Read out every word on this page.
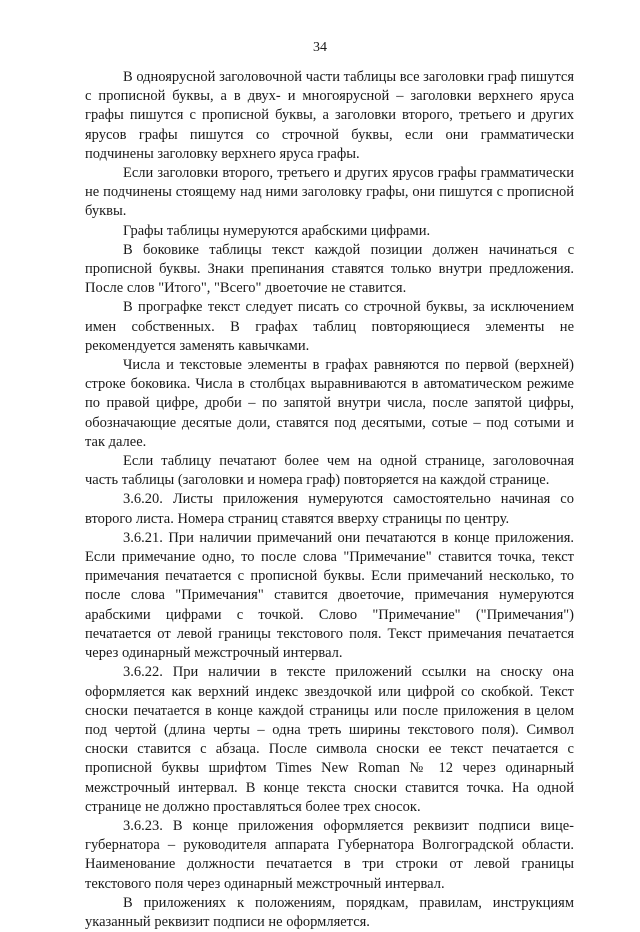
34

В одноярусной заголовочной части таблицы все заголовки граф пишутся с прописной буквы, а в двух- и многоярусной – заголовки верхнего яруса графы пишутся с прописной буквы, а заголовки второго, третьего и других ярусов графы пишутся со строчной буквы, если они грамматически подчинены заголовку верхнего яруса графы.

Если заголовки второго, третьего и других ярусов графы грамматически не подчинены стоящему над ними заголовку графы, они пишутся с прописной буквы.

Графы таблицы нумеруются арабскими цифрами.

В боковике таблицы текст каждой позиции должен начинаться с прописной буквы. Знаки препинания ставятся только внутри предложения. После слов "Итого", "Всего" двоеточие не ставится.

В прографке текст следует писать со строчной буквы, за исключением имен собственных. В графах таблиц повторяющиеся элементы не рекомендуется заменять кавычками.

Числа и текстовые элементы в графах равняются по первой (верхней) строке боковика. Числа в столбцах выравниваются в автоматическом режиме по правой цифре, дроби – по запятой внутри числа, после запятой цифры, обозначающие десятые доли, ставятся под десятыми, сотые – под сотыми и так далее.

Если таблицу печатают более чем на одной странице, заголовочная часть таблицы (заголовки и номера граф) повторяется на каждой странице.

3.6.20. Листы приложения нумеруются самостоятельно начиная со второго листа. Номера страниц ставятся вверху страницы по центру.

3.6.21. При наличии примечаний они печатаются в конце приложения. Если примечание одно, то после слова "Примечание" ставится точка, текст примечания печатается с прописной буквы. Если примечаний несколько, то после слова "Примечания" ставится двоеточие, примечания нумеруются арабскими цифрами с точкой. Слово "Примечание" ("Примечания") печатается от левой границы текстового поля. Текст примечания печатается через одинарный межстрочный интервал.

3.6.22. При наличии в тексте приложений ссылки на сноску она оформляется как верхний индекс звездочкой или цифрой со скобкой. Текст сноски печатается в конце каждой страницы или после приложения в целом под чертой (длина черты – одна треть ширины текстового поля). Символ сноски ставится с абзаца. После символа сноски ее текст печатается с прописной буквы шрифтом Times New Roman № 12 через одинарный межстрочный интервал. В конце текста сноски ставится точка. На одной странице не должно проставляться более трех сносок.

3.6.23. В конце приложения оформляется реквизит подписи вице-губернатора – руководителя аппарата Губернатора Волгоградской области. Наименование должности печатается в три строки от левой границы текстового поля через одинарный межстрочный интервал.

В приложениях к положениям, порядкам, правилам, инструкциям указанный реквизит подписи не оформляется.
